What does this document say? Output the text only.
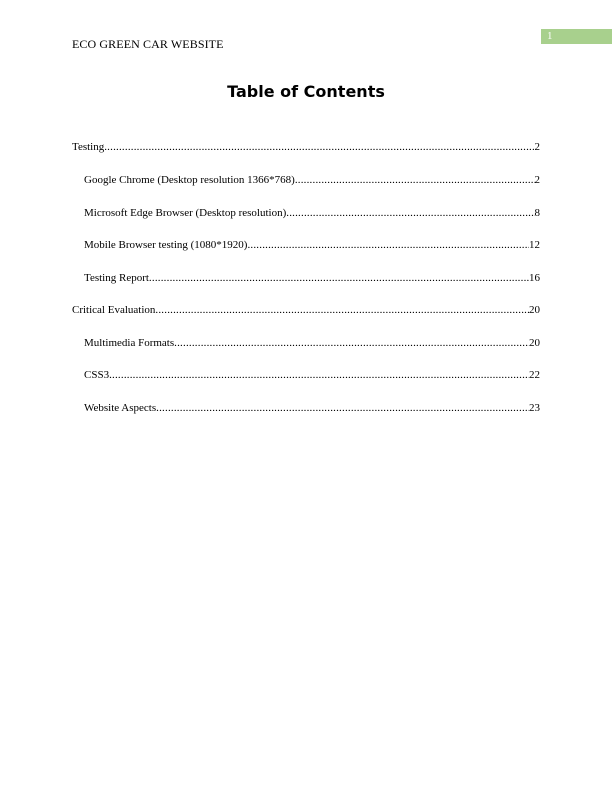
ECO GREEN CAR WEBSITE
1
Table of Contents
Testing .....	2
Google Chrome (Desktop resolution 1366*768) .....	2
Microsoft Edge Browser (Desktop resolution) .....	8
Mobile Browser testing (1080*1920) .....	12
Testing Report .....	16
Critical Evaluation .....	20
Multimedia Formats .....	20
CSS3 .....	22
Website Aspects .....	23
